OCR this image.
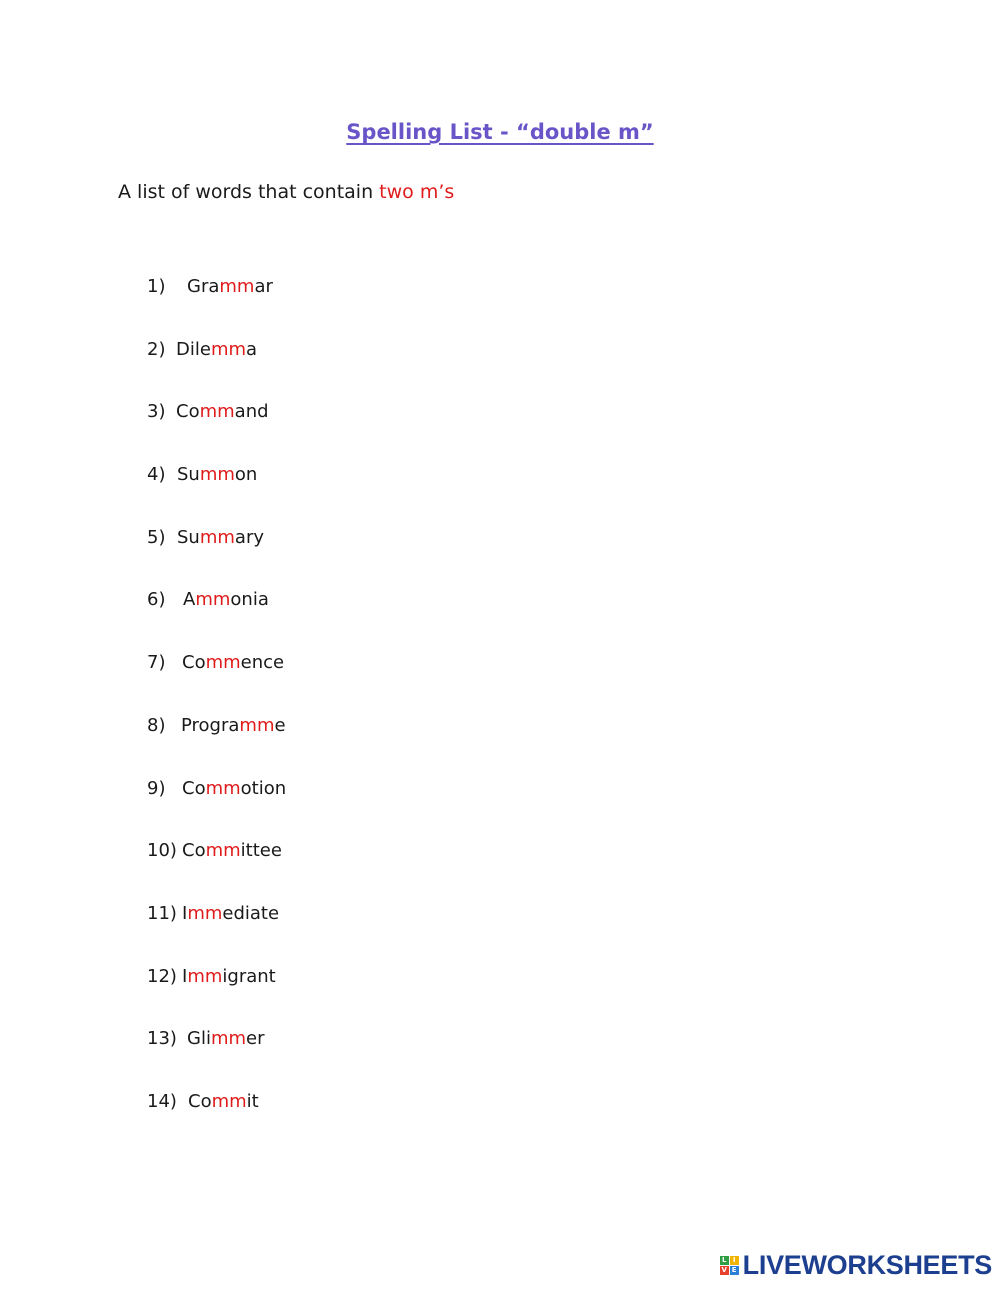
Spelling List - “double m”
A list of words that contain two m’s
1)	Grammar
2) Dilemma
3) Command
4) Summon
5) Summary
6) Ammonia
7) Commence
8) Programme
9) Commotion
10) Committee
11) Immediate
12) Immigrant
13) Glimmer
14) Commit
L I
V E LIVEWORKSHEETS
